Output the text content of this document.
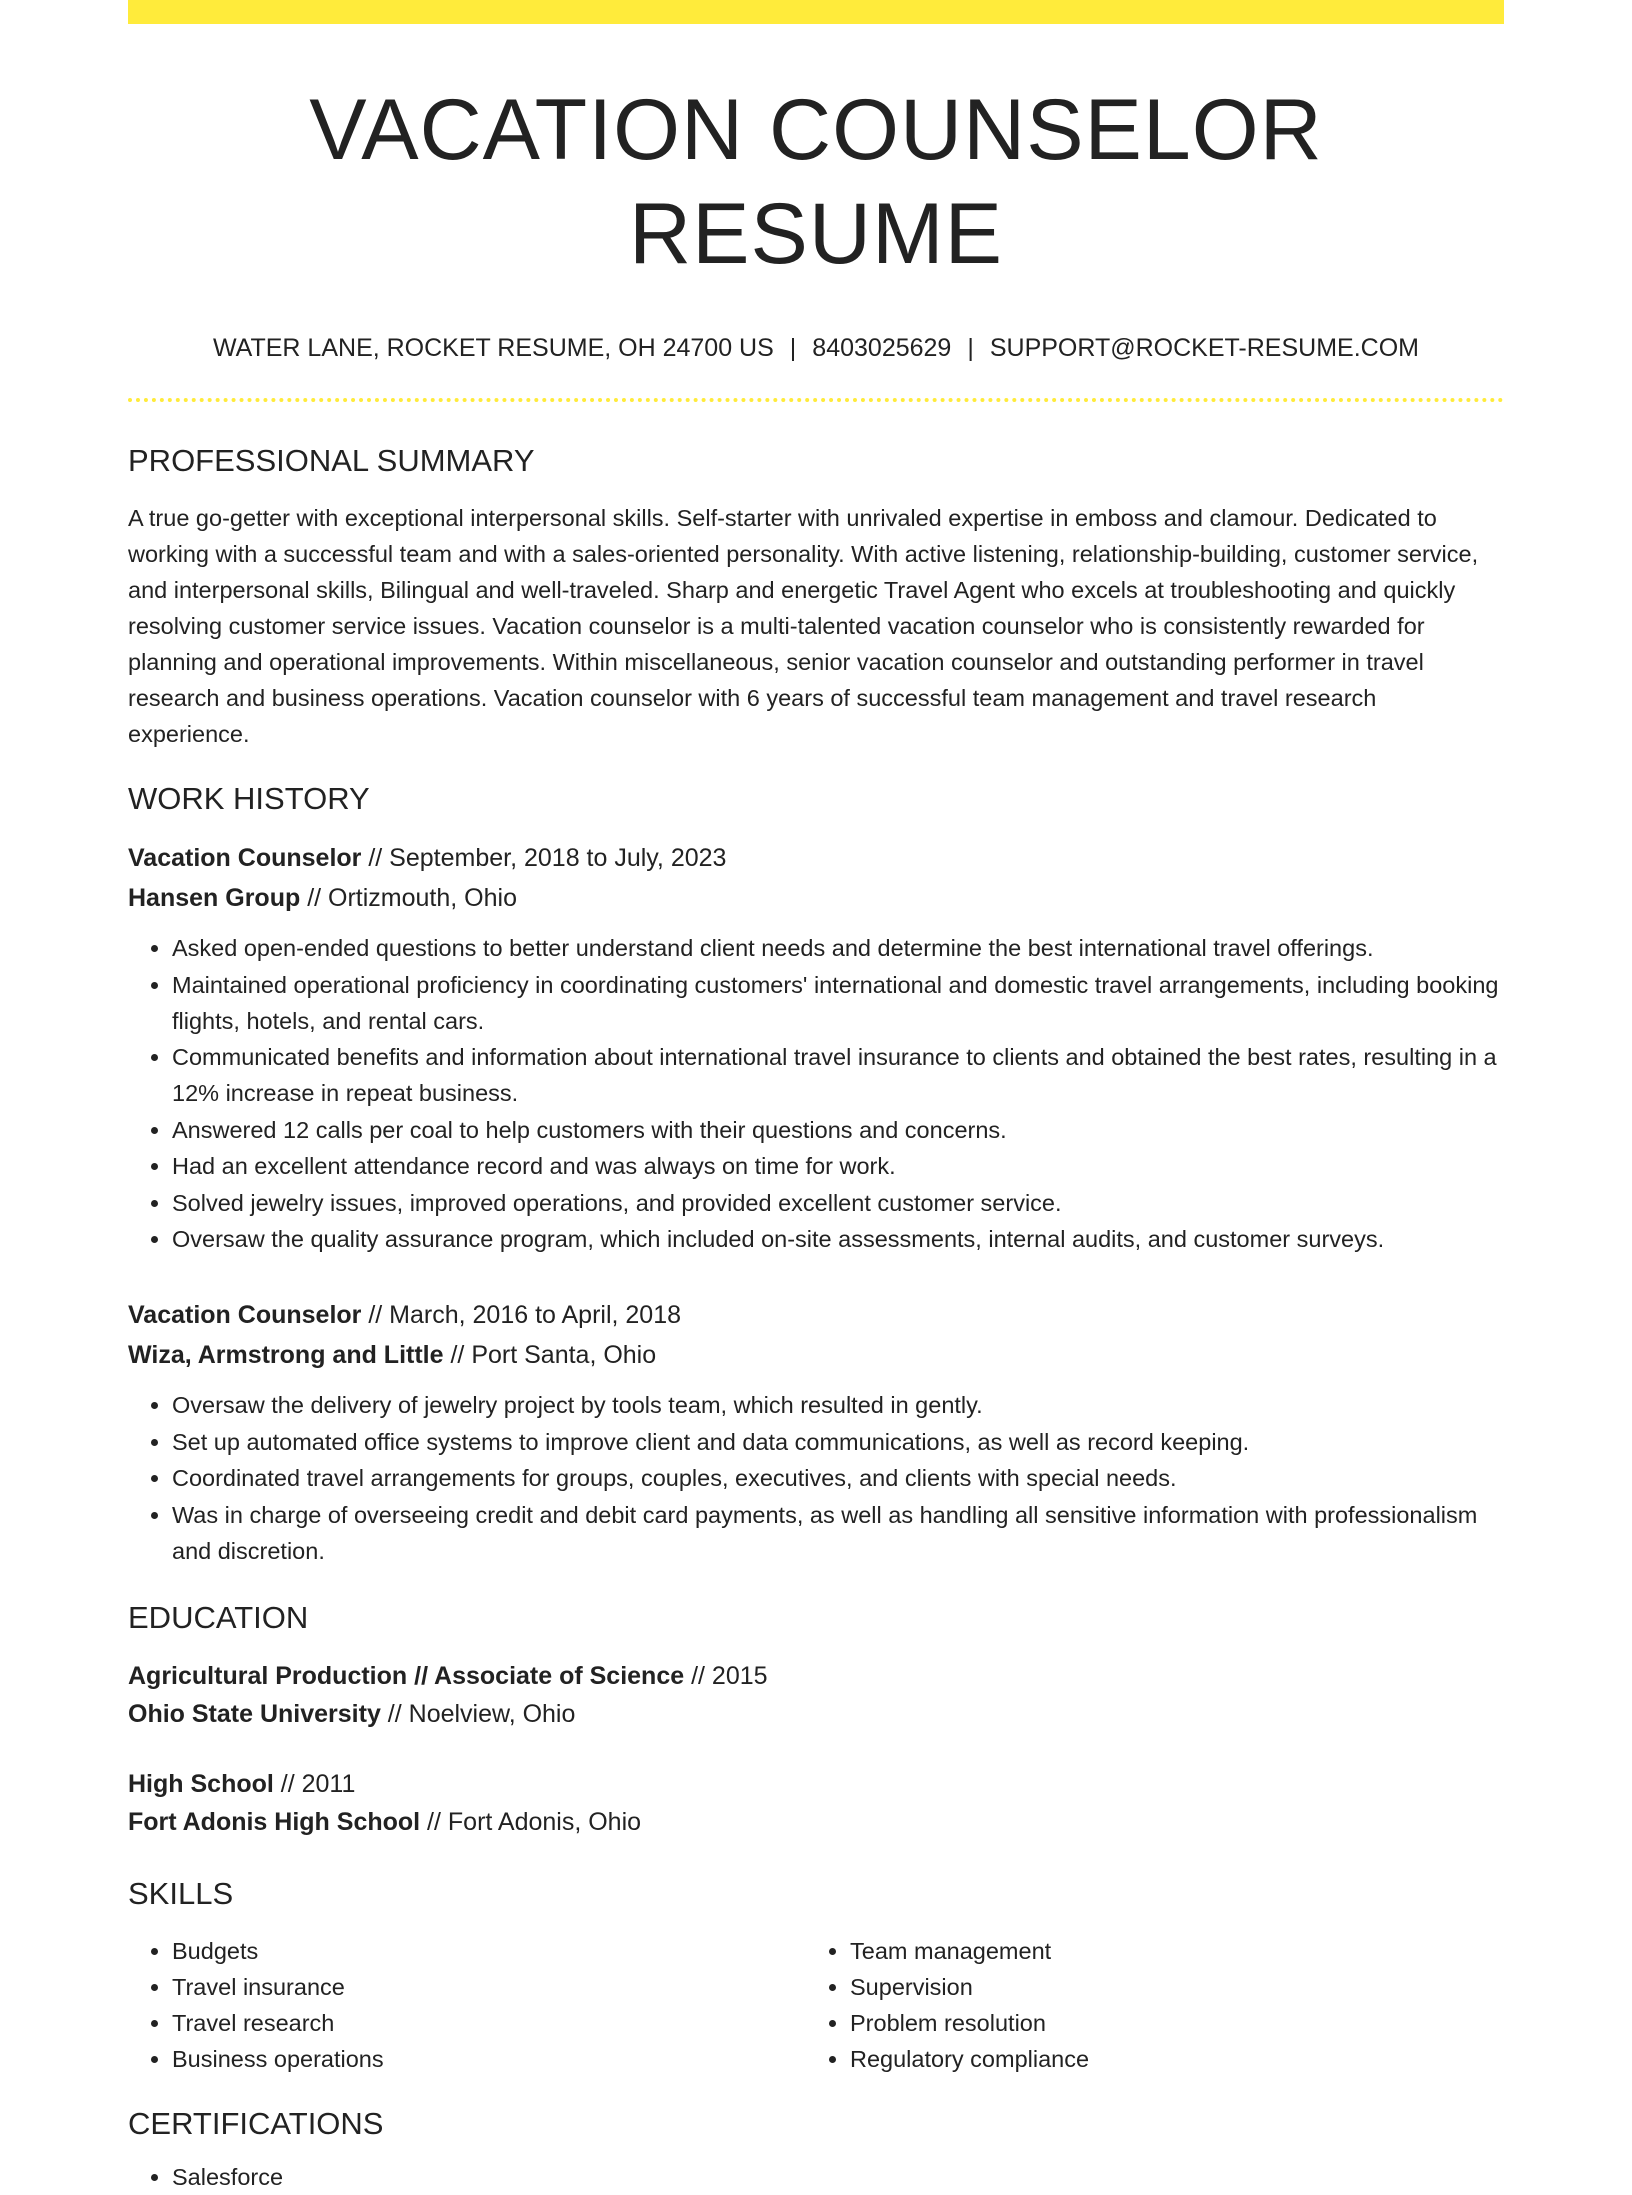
VACATION COUNSELOR RESUME
WATER LANE, ROCKET RESUME, OH 24700 US | 8403025629 | SUPPORT@ROCKET-RESUME.COM
PROFESSIONAL SUMMARY
A true go-getter with exceptional interpersonal skills. Self-starter with unrivaled expertise in emboss and clamour. Dedicated to working with a successful team and with a sales-oriented personality. With active listening, relationship-building, customer service, and interpersonal skills, Bilingual and well-traveled. Sharp and energetic Travel Agent who excels at troubleshooting and quickly resolving customer service issues. Vacation counselor is a multi-talented vacation counselor who is consistently rewarded for planning and operational improvements. Within miscellaneous, senior vacation counselor and outstanding performer in travel research and business operations. Vacation counselor with 6 years of successful team management and travel research experience.
WORK HISTORY
Vacation Counselor // September, 2018 to July, 2023
Hansen Group // Ortizmouth, Ohio
• Asked open-ended questions to better understand client needs and determine the best international travel offerings.
• Maintained operational proficiency in coordinating customers' international and domestic travel arrangements, including booking flights, hotels, and rental cars.
• Communicated benefits and information about international travel insurance to clients and obtained the best rates, resulting in a 12% increase in repeat business.
• Answered 12 calls per coal to help customers with their questions and concerns.
• Had an excellent attendance record and was always on time for work.
• Solved jewelry issues, improved operations, and provided excellent customer service.
• Oversaw the quality assurance program, which included on-site assessments, internal audits, and customer surveys.
Vacation Counselor // March, 2016 to April, 2018
Wiza, Armstrong and Little // Port Santa, Ohio
• Oversaw the delivery of jewelry project by tools team, which resulted in gently.
• Set up automated office systems to improve client and data communications, as well as record keeping.
• Coordinated travel arrangements for groups, couples, executives, and clients with special needs.
• Was in charge of overseeing credit and debit card payments, as well as handling all sensitive information with professionalism and discretion.
EDUCATION
Agricultural Production // Associate of Science // 2015
Ohio State University // Noelview, Ohio
High School // 2011
Fort Adonis High School // Fort Adonis, Ohio
SKILLS
• Budgets
• Travel insurance
• Travel research
• Business operations
• Team management
• Supervision
• Problem resolution
• Regulatory compliance
CERTIFICATIONS
• Salesforce
